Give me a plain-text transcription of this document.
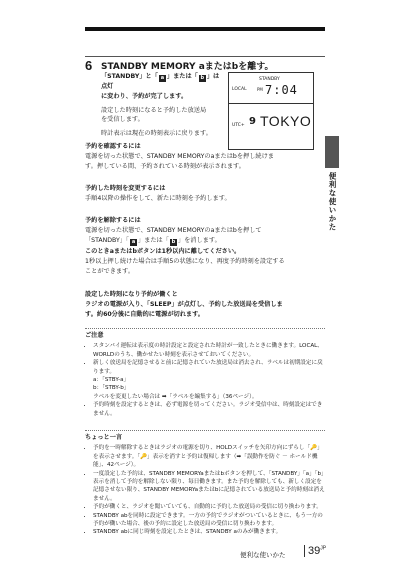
6 STANDBY MEMORY aまたはbを離す。

「STANDBY」と「 a 」または「 b 」は点灯

に変わり、予約が完了します。

設定した時刻になると予約した放送局

を受信します。

時計表示は現在の時刻表示に戻ります。

LOCAL
STANDBY
PM 7:04
UTC+ 9 TOKYO

予約を確認するには

電源を切った状態で、STANDBY MEMORYのaまたはbを押し続けま

す。押している間、予約されている時刻が表示されます。

予約した時刻を変更するには

手順4以降の操作をして、新たに時刻を予約します。

予約を解除するには

電源を切った状態で、STANDBY MEMORYのaまたはbを押して

「STANDBY」「 a 」または「 b 」を消します。

このときaまたはbボタンは1秒以内に離してください。

1秒以上押し続けた場合は手順5の状態になり、再度予約時刻を設定する

ことができます。

設定した時刻になり予約が働くと

ラジオの電源が入り、「SLEEP」が点灯し、予約した放送局を受信しま

す。約60分後に自動的に電源が切れます。

ご注意
• スタンバイ運転は表示度の時計設定と設定された時計が一致したときに働きます。LOCAL、WORLDのうち、働かせたい時刻を表示させておいてください。
• 新しく放送局を記憶させると前に記憶されていた放送局は消去され、ラベルは初期設定に戻ります。
a：「STBY-a」
b：「STBY-b」
ラベルを変更したい場合は ➡「ラベルを編集する」（36ページ）。
• 予約時刻を設定するときは、必ず電源を切ってください。ラジオ受信中は、時刻設定はできません。
ちょっと一言
• 予約を一時解除するときはラジオの電源を切り、HOLDスイッチを矢印方向にずらし「🔑」を表示させます。「🔑」表示を消すと予約は復帰します（➡「誤動作を防ぐ － ホールド機能」、42ページ）。
• 一度設定した予約は、STANDBY MEMORYaまたはbボタンを押して、「STANDBY」「a」「b」表示を消して予約を解除しない限り、毎日働きます。また予約を解除しても、新しく設定を記憶させない限り、STANDBY MEMORYaまたはbに記憶されている放送局と予約時刻は消えません。
• 予約が働くと、ラジオを聞いていても、自動的に予約した放送局の受信に切り換わります。
• STANDBY abを同時に設定できます。一方の予約でラジオがついているときに、もう一方の予約が働いた場合、後の予約に設定した放送局の受信に切り換わります。
• STANDBY abに同じ時刻を設定したときは、STANDBY aのみが働きます。
便利な使いかた
便利な使いかた	$39^{JP}$
